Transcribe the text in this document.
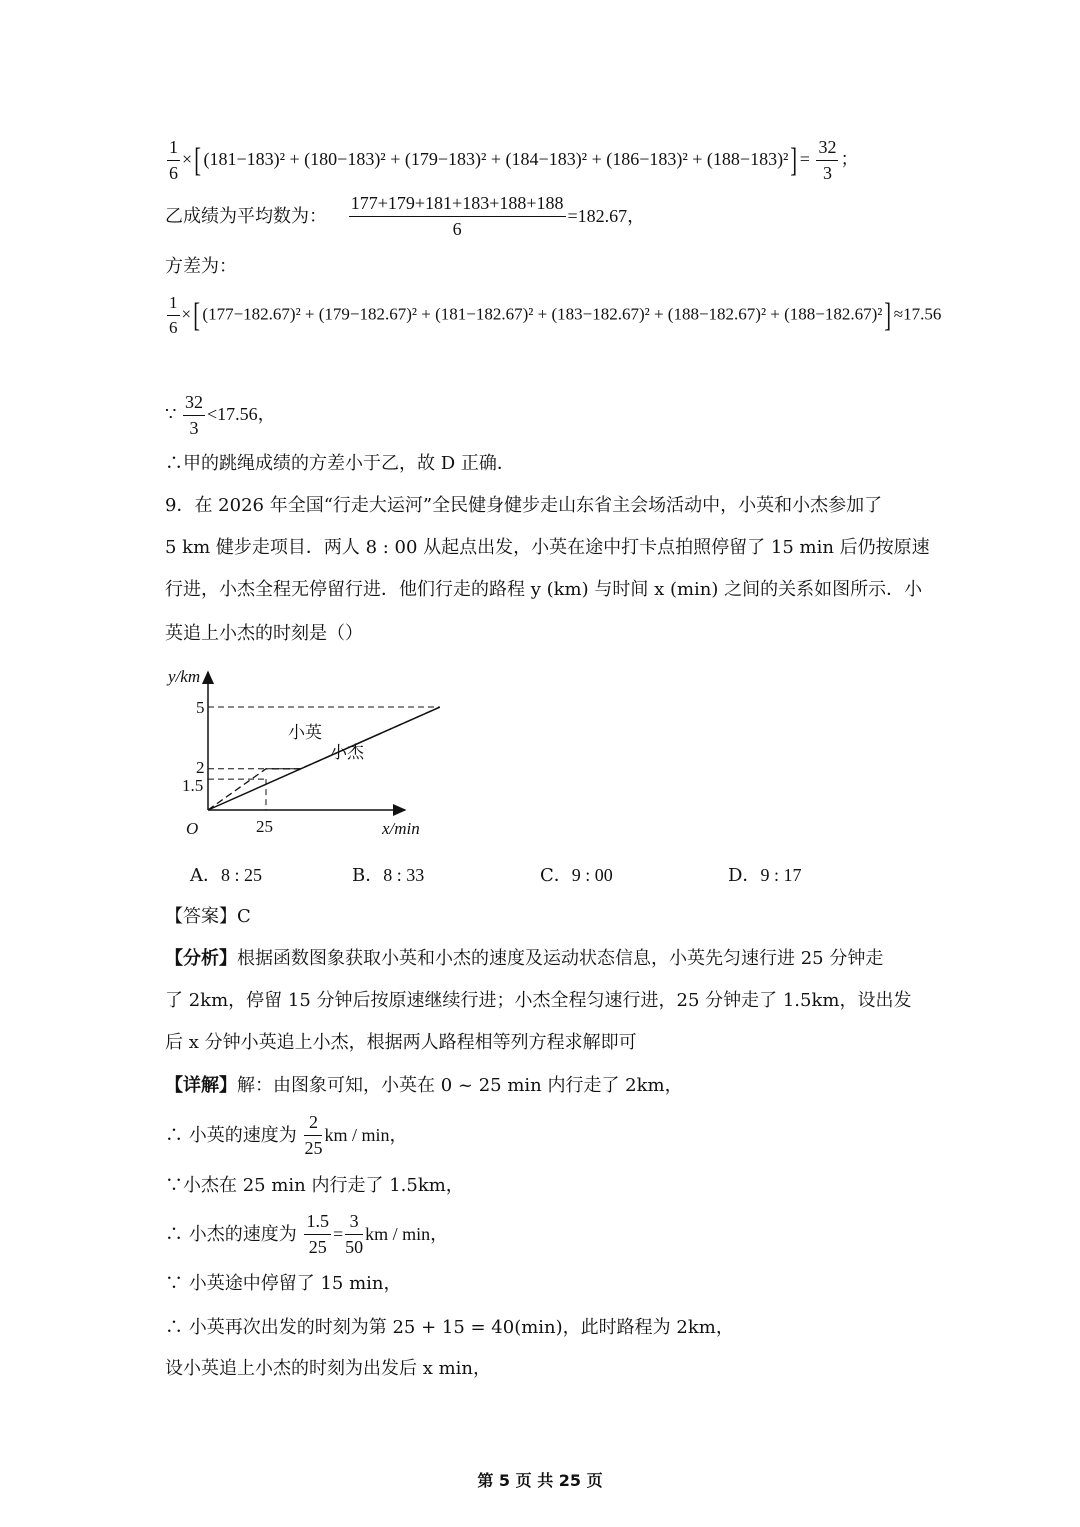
$\frac{1}{6}$ ×[ $(181-183)^2 + (180-183)^2 + (179-183)^2 + (184-183)^2 + (186-183)^2 + (188-183)^2] = \frac{32}{3}$ ；
乙成绩为平均数为： $\frac{177+179+181+183+188+188}{6} =182.67$，
方差为：
$\frac{1}{6}$ ×[ (177−182.67)² + (179−182.67)² + (181−182.67)² + (183−182.67)² + (188−182.67)² + (188−182.67)²] ≈17.56
∵ $\frac{32}{3} <17.56$，
∴甲的跳绳成绩的方差小于乙，故 D 正确．
9．在 2026 年全国“行走大运河”全民健身健步走山东省主会场活动中，小英和小杰参加了
5 km 健步走项目．两人 8 : 00 从起点出发，小英在途中打卡点拍照停留了 15 min 后仍按原速
行进，小杰全程无停留行进．他们行走的路程 y (km) 与时间 x (min) 之间的关系如图所示．小
英追上小杰的时刻是（）
y/km
x/min
O
5
2
1.5
25
小英
小杰
A．8 : 25	B．8 : 33	C．9 : 00	D．9 : 17
【答案】C
【分析】根据函数图象获取小英和小杰的速度及运动状态信息，小英先匀速行进 25 分钟走
了 2km，停留 15 分钟后按原速继续行进；小杰全程匀速行进，25 分钟走了 1.5km，设出发
后 x 分钟小英追上小杰，根据两人路程相等列方程求解即可
【详解】解：由图象可知，小英在 0 ~ 25 min 内行走了 2km，
∴ 小英的速度为 $\frac{2}{25}$ km / min，
∵小杰在 25 min 内行走了 1.5km，
∴ 小杰的速度为 $\frac{1.5}{25} = \frac{3}{50}$ km / min，
∵ 小英途中停留了 15 min，
∴ 小英再次出发的时刻为第 25 + 15 = 40(min)，此时路程为 2km，
设小英追上小杰的时刻为出发后 x min，
第 5 页 共 25 页
